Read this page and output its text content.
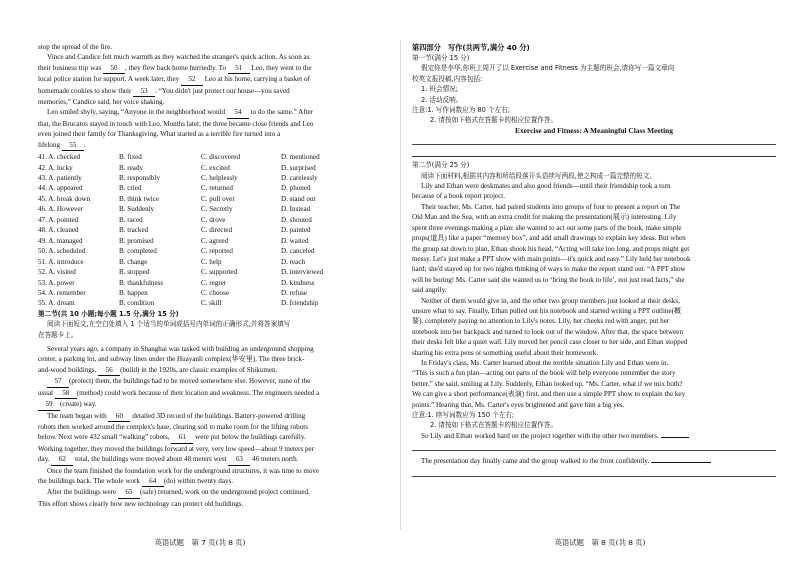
stop the spread of the fire.
Vince and Candice felt much warmth as they watched the stranger's quick action. As soon as
their business trip was 50 , they flew back home hurriedly. To 51 Leo, they went to the
local police station for support. A week later, they 52 Leo at his home, carrying a basket of
homemade cookies to show their 53 . “You didn't just protect our house—you saved
memories,” Candice said, her voice shaking.
Leo smiled shyly, saying, “Anyone in the neighborhood would 54 to do the same.” After
that, the Brucatos stayed in touch with Leo. Months later, the three became close friends and Leo
even joined their family for Thanksgiving. What started as a terrible fire turned into a
lifelong 55 .
41. A. checked	B. fixed	C. discovered	D. mentioned
42. A. lucky	B. ready	C. excited	D. surprised
43. A. patiently	B. responsibly	C. helplessly	D. carelessly
44. A. appeared	B. cried	C. returned	D. phoned
45. A. break down	B. think twice	C. pull over	D. stand out
46. A. However	B. Suddenly	C. Secretly	D. Instead
47. A. pointed	B. raced	C. drove	D. shouted
48. A. cleaned	B. tracked	C. directed	D. painted
49. A. managed	B. promised	C. agreed	D. waited
50. A. scheduled	B. completed	C. reported	D. canceled
51. A. introduce	B. change	C. help	D. reach
52. A. visited	B. stopped	C. supported	D. interviewed
53. A. power	B. thankfulness	C. regret	D. kindness
54. A. remember	B. happen	C. choose	D. refuse
55. A. dream	B. condition	C. skill	D. friendship
第二节(共 10 小题;每小题 1.5 分,满分 15 分)
阅读下面短文,在空白处填入 1 个适当的单词或括号内单词的正确形式,并将答案填写
在答题卡上。
Several years ago, a company in Shanghai was tasked with building an underground shopping
center, a parking lot, and subway lines under the Huayanli complex(华安里). The three brick-
and-wood buildings, 56 (build) in the 1920s, are classic examples of Shikumen.
57 (protect) them, the buildings had to be moved somewhere else. However, none of the
usual 58 (method) could work because of their location and weakness. The engineers needed a
59 (create) way.
The team began with 60 detailed 3D record of the buildings. Battery-powered drilling
robots then worked around the complex's base, clearing soil to make room for the lifting robots
below. Next were 432 small “walking” robots, 61 were put below the buildings carefully.
Working together, they moved the buildings forward at very, very low speed—about 9 meters per
day. 62 total, the buildings were moved about 48 meters west 63 46 meters north.
Once the team finished the foundation work for the underground structures, it was time to move
the buildings back. The whole work 64 (do) within twenty days.
After the buildings were 65 (safe) returned, work on the underground project continued.
This effort shows clearly how new technology can protect old buildings.
英语试题　第 7 页(共 8 页)
第四部分　写作(共两节,满分 40 分)
第一节(满分 15 分)
假定你是李华,你班上周开了以 Exercise and Fitness 为主题的班会,请你写一篇文章向
校英文报投稿,内容包括:
1. 班会情况;
2. 活动反响。
注意:1. 写作词数应为 80 个左右;
2. 请按如下格式在答题卡的相应位置作答。
Exercise and Fitness: A Meaningful Class Meeting
第二节(满分 25 分)
阅读下面材料,根据其内容和所给段落开头语续写两段,使之构成一篇完整的短文。
Lily and Ethan were deskmates and also good friends—until their friendship took a turn
because of a book report project.
Their teacher, Ms. Carter, had paired students into groups of four to present a report on The
Old Man and the Sea, with an extra credit for making the presentation(展示) interesting. Lily
spent three evenings making a plan: she wanted to act out some parts of the book, make simple
props(道具) like a paper “memory box”, and add small drawings to explain key ideas. But when
the group sat down to plan, Ethan shook his head, “Acting will take too long, and props might get
messy. Let's just make a PPT show with main points—it's quick and easy.” Lily held her notebook
hard; she'd stayed up for two nights thinking of ways to make the report stand out. “A PPT show
will be boring! Ms. Carter said she wanted us to ‘bring the book to life’, not just read facts,” she
said angrily.
Neither of them would give in, and the other two group members just looked at their desks,
unsure what to say. Finally, Ethan pulled out his notebook and started writing a PPT outline(概
要), completely paying no attention to Lily's notes. Lily, her cheeks red with anger, put her
notebook into her backpack and turned to look out of the window. After that, the space between
their desks felt like a quiet wall. Lily moved her pencil case closer to her side, and Ethan stopped
sharing his extra pens or something useful about their homework.
In Friday's class, Ms. Carter learned about the terrible situation Lily and Ethan were in.
“This is such a fun plan—acting out parts of the book will help everyone remember the story
better,” she said, smiling at Lily. Suddenly, Ethan looked up, “Ms. Carter, what if we mix both?
We can give a short performance(表演) first, and then use a simple PPT show to explain the key
points.” Hearing that, Ms. Carter's eyes brightened and gave him a big yes.
注意:1. 续写词数应为 150 个左右;
2. 请按如下格式在答题卡的相应位置作答。
So Lily and Ethan worked hard on the project together with the other two members.
The presentation day finally came and the group walked to the front confidently.
英语试题　第 8 页(共 8 页)
